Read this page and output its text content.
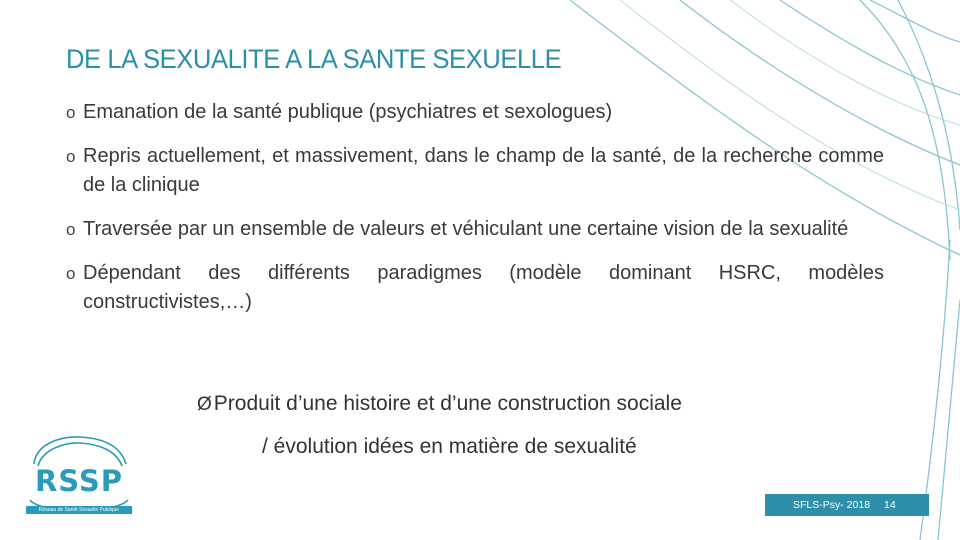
DE LA SEXUALITE A LA SANTE SEXUELLE
o Emanation de la santé publique (psychiatres et sexologues)
o Repris actuellement, et massivement, dans le champ de la santé, de la recherche comme de la clinique
o Traversée par un ensemble de valeurs et véhiculant une certaine vision de la sexualité
o Dépendant des différents paradigmes (modèle dominant HSRC, modèles constructivistes,…)
ØProduit d’une histoire et d’une construction sociale
/ évolution idées en matière de sexualité
RSSP
Réseau de Santé Sexuelle Publique	SFLS-Psy- 2018 14
